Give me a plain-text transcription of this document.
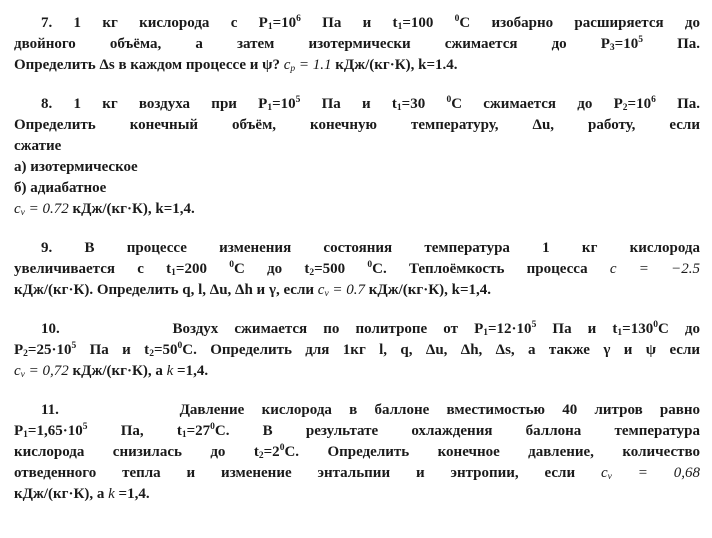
7. 1 кг кислорода с $P_1=10^6$ Па и $t_1=100$ $^0$С изобарно расширяется до
двойного объёма, а затем изотермически сжимается до $P_3=10^5$ Па.
Определить Δs в каждом процессе и ψ? $c_p = 1.1$ кДж/(кг·К), k=1.4.
8. 1 кг воздуха при $P_1=10^5$ Па и $t_1=30$ $^0$С сжимается до $P_2=10^6$ Па.
Определить конечный объём, конечную температуру, Δu, работу, если
сжатие
а) изотермическое
б) адиабатное
$c_v = 0.72$ кДж/(кг·К), k=1,4.
9. В процессе изменения состояния температура 1 кг кислорода
увеличивается с $t_1=200$ $^0$С до $t_2=500$ $^0$С. Теплоёмкость процесса c = −2.5
кДж/(кг·К). Определить q, l, Δu, Δh и γ, если $c_v = 0.7$ кДж/(кг·К), k=1,4.
10.       Воздух сжимается по политропе от $P_1=12\cdot 10^5$ Па и $t_1=130^0С$ до
$P_2=25\cdot 10^5$ Па и $t_2=50^0С$. Определить для 1кг l, q, Δu, Δh, Δs, а также γ и ψ если
$c_v = 0,72$ кДж/(кг·К), а k =1,4.
11.       Давление кислорода в баллоне вместимостью 40 литров равно
$P_1=1,65\cdot 10^5$ Па, $t_1=27^0С$. В результате охлаждения баллона температура
кислорода снизилась до $t_2=2^0С$. Определить конечное давление, количество
отведенного тепла и изменение энтальпии и энтропии, если $c_v = 0,68$
кДж/(кг·К), а k =1,4.
